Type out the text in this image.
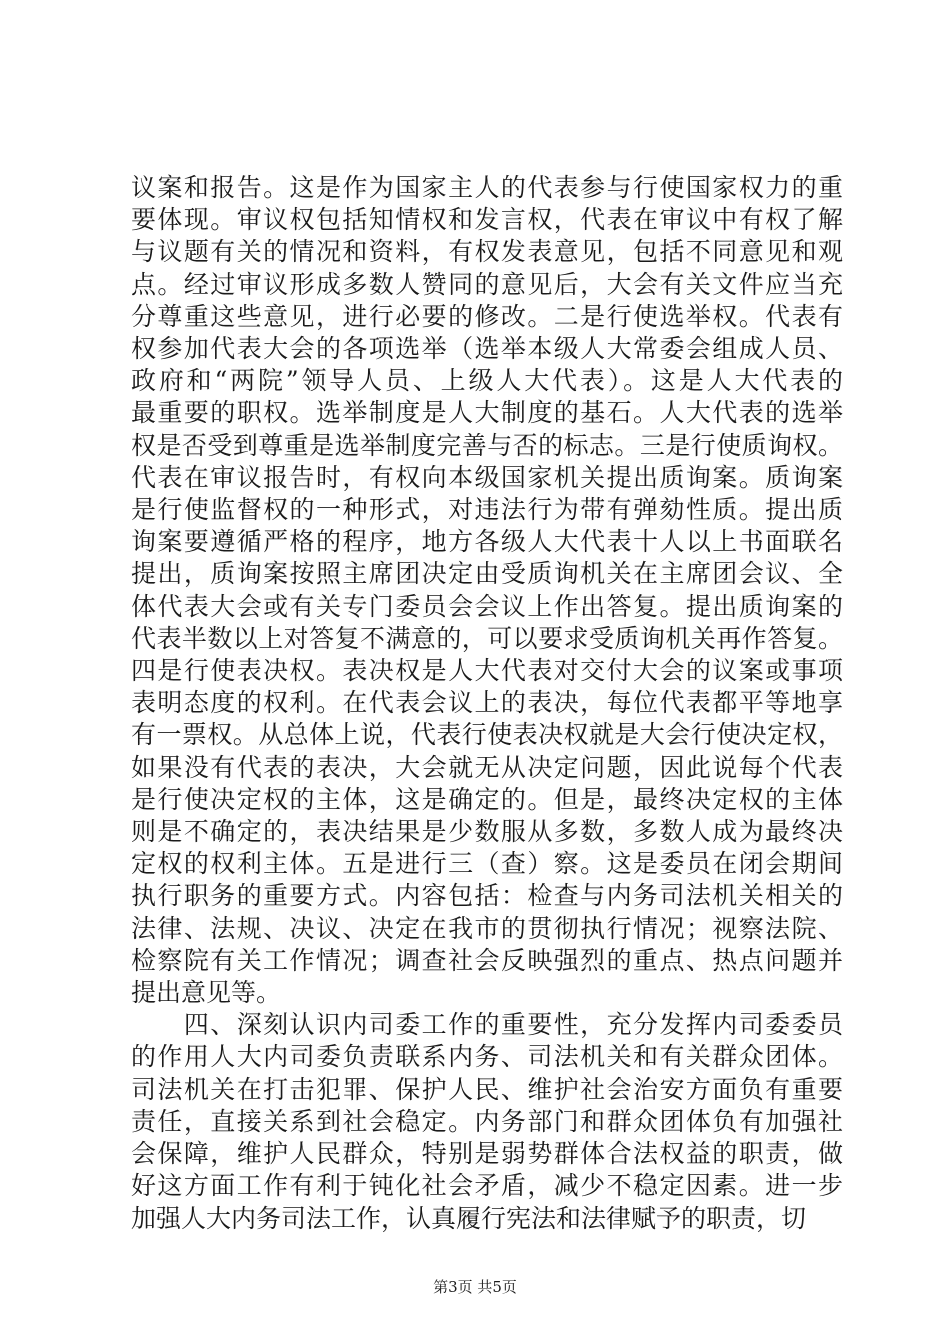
议案和报告。这是作为国家主人的代表参与行使国家权力的重
要体现。审议权包括知情权和发言权，代表在审议中有权了解
与议题有关的情况和资料，有权发表意见，包括不同意见和观
点。经过审议形成多数人赞同的意见后，大会有关文件应当充
分尊重这些意见，进行必要的修改。二是行使选举权。代表有
权参加代表大会的各项选举（选举本级人大常委会组成人员、
政府和“两院”领导人员、上级人大代表）。这是人大代表的
最重要的职权。选举制度是人大制度的基石。人大代表的选举
权是否受到尊重是选举制度完善与否的标志。三是行使质询权。
代表在审议报告时，有权向本级国家机关提出质询案。质询案
是行使监督权的一种形式，对违法行为带有弹劾性质。提出质
询案要遵循严格的程序，地方各级人大代表十人以上书面联名
提出，质询案按照主席团决定由受质询机关在主席团会议、全
体代表大会或有关专门委员会会议上作出答复。提出质询案的
代表半数以上对答复不满意的，可以要求受质询机关再作答复。
四是行使表决权。表决权是人大代表对交付大会的议案或事项
表明态度的权利。在代表会议上的表决，每位代表都平等地享
有一票权。从总体上说，代表行使表决权就是大会行使决定权，
如果没有代表的表决，大会就无从决定问题，因此说每个代表
是行使决定权的主体，这是确定的。但是，最终决定权的主体
则是不确定的，表决结果是少数服从多数，多数人成为最终决
定权的权利主体。五是进行三（查）察。这是委员在闭会期间
执行职务的重要方式。内容包括：检查与内务司法机关相关的
法律、法规、决议、决定在我市的贯彻执行情况；视察法院、
检察院有关工作情况；调查社会反映强烈的重点、热点问题并
提出意见等。

　　四、深刻认识内司委工作的重要性，充分发挥内司委委员
的作用人大内司委负责联系内务、司法机关和有关群众团体。
司法机关在打击犯罪、保护人民、维护社会治安方面负有重要
责任，直接关系到社会稳定。内务部门和群众团体负有加强社
会保障，维护人民群众，特别是弱势群体合法权益的职责，做
好这方面工作有利于钝化社会矛盾，减少不稳定因素。进一步
加强人大内务司法工作，认真履行宪法和法律赋予的职责，切

第3页 共5页
